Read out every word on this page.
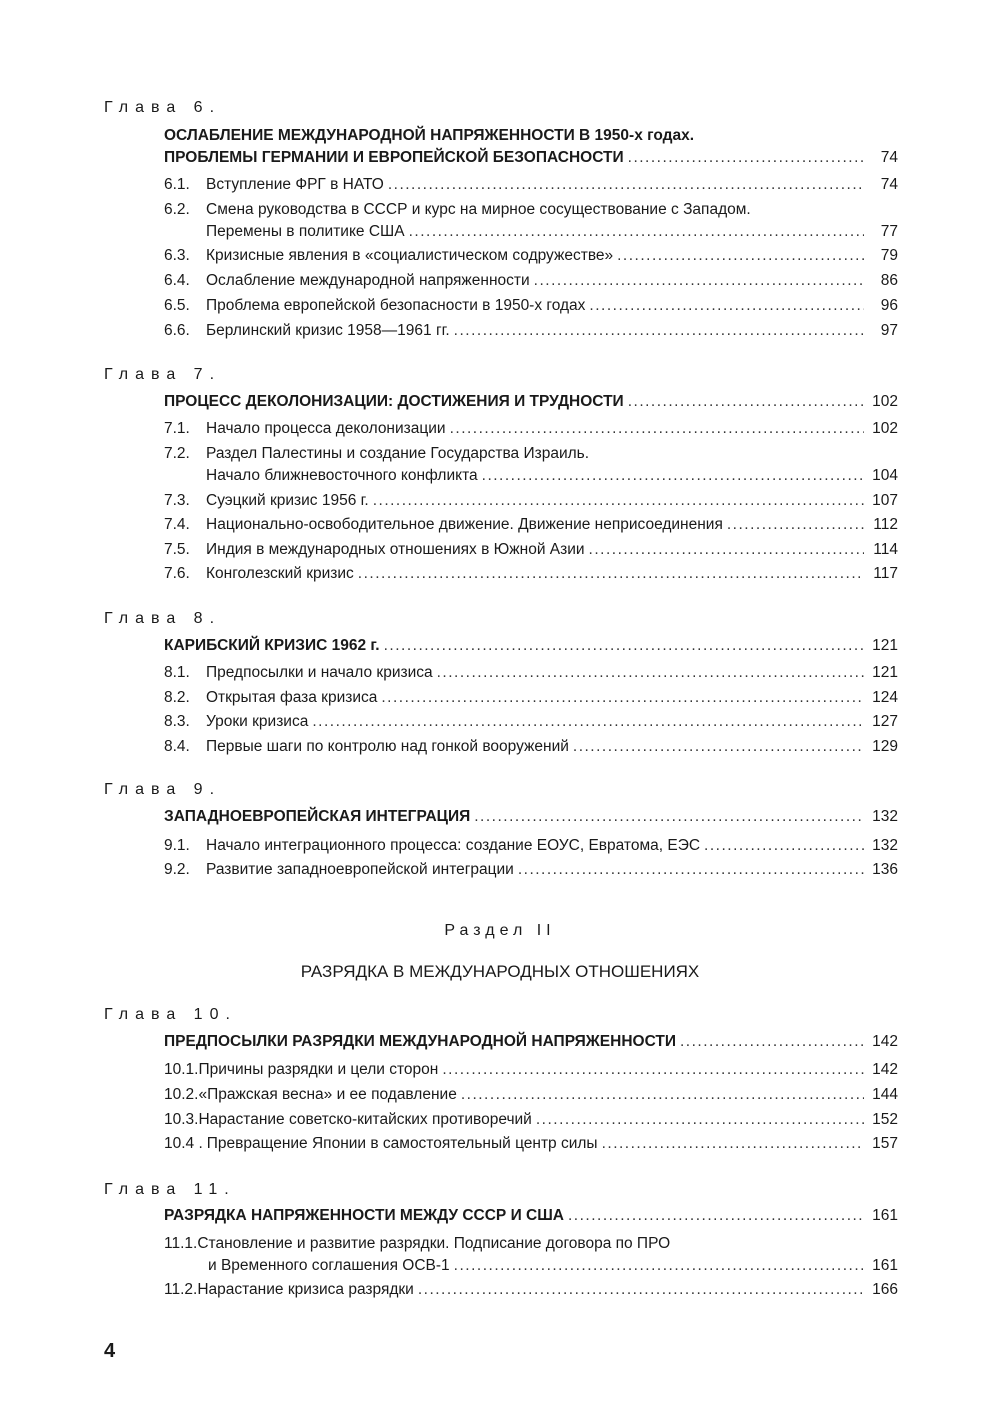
Глава 6.
ОСЛАБЛЕНИЕ МЕЖДУНАРОДНОЙ НАПРЯЖЕННОСТИ В 1950-х годах.
ПРОБЛЕМЫ ГЕРМАНИИ И ЕВРОПЕЙСКОЙ БЕЗОПАСНОСТИ .....	74
6.1.	Вступление ФРГ в НАТО .....	74
6.2.	Смена руководства в СССР и курс на мирное сосуществование с Западом.
Перемены в политике США .....	77
6.3.	Кризисные явления в «социалистическом содружестве» .....	79
6.4.	Ослабление международной напряженности .....	86
6.5.	Проблема европейской безопасности в 1950-х годах .....	96
6.6.	Берлинский кризис 1958—1961 гг. .....	97
Глава 7.
ПРОЦЕСС ДЕКОЛОНИЗАЦИИ: ДОСТИЖЕНИЯ И ТРУДНОСТИ .....	102
7.1.	Начало процесса деколонизации .....	102
7.2.	Раздел Палестины и создание Государства Израиль.
Начало ближневосточного конфликта .....	104
7.3.	Суэцкий кризис 1956 г. .....	107
7.4.	Национально-освободительное движение. Движение неприсоединения .....	112
7.5.	Индия в международных отношениях в Южной Азии .....	114
7.6.	Конголезский кризис .....	117
Глава 8.
КАРИБСКИЙ КРИЗИС 1962 г. .....	121
8.1.	Предпосылки и начало кризиса .....	121
8.2.	Открытая фаза кризиса .....	124
8.3.	Уроки кризиса .....	127
8.4.	Первые шаги по контролю над гонкой вооружений .....	129
Глава 9.
ЗАПАДНОЕВРОПЕЙСКАЯ ИНТЕГРАЦИЯ .....	132
9.1.	Начало интеграционного процесса: создание ЕОУС, Евратома, ЕЭС .....	132
9.2.	Развитие западноевропейской интеграции .....	136
Раздел II
РАЗРЯДКА В МЕЖДУНАРОДНЫХ ОТНОШЕНИЯХ
Глава 10.
ПРЕДПОСЫЛКИ РАЗРЯДКИ МЕЖДУНАРОДНОЙ НАПРЯЖЕННОСТИ .....	142
10.1. Причины разрядки и цели сторон .....	142
10.2. «Пражская весна» и ее подавление .....	144
10.3. Нарастание советско-китайских противоречий .....	152
10.4 . Превращение Японии в самостоятельный центр силы .....	157
Глава 11.
РАЗРЯДКА НАПРЯЖЕННОСТИ МЕЖДУ СССР И США .....	161
11.1. Становление и развитие разрядки. Подписание договора по ПРО
и Временного соглашения ОСВ-1 .....	161
11.2. Нарастание кризиса разрядки .....	166
4
